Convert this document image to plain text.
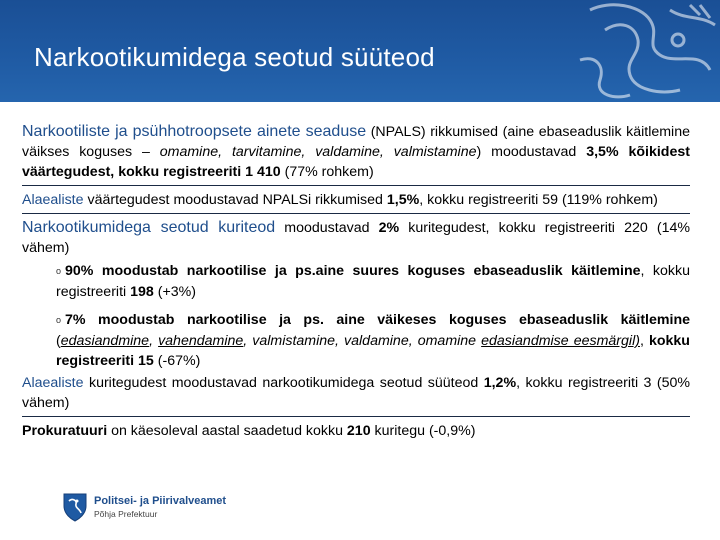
Narkootikumidega seotud süüteod

Narkootiliste ja psühhotroopsete ainete seaduse (NPALS) rikkumised (aine ebaseaduslik käitlemine väikses koguses – omamine, tarvitamine, valdamine, valmistamine) moodustavad 3,5% kõikidest väärtegudest, kokku registreeriti 1 410 (77% rohkem)

Alaealiste väärtegudest moodustavad NPALSi rikkumised 1,5%, kokku registreeriti 59 (119% rohkem)

Narkootikumidega seotud kuriteod moodustavad 2% kuritegudest, kokku registreeriti 220 (14% vähem)

o 90% moodustab narkootilise ja ps.aine suures koguses ebaseaduslik käitlemine, kokku registreeriti 198 (+3%)

o 7% moodustab narkootilise ja ps. aine väikeses koguses ebaseaduslik käitlemine (edasiandmine, vahendamine, valmistamine, valdamine, omamine edasiandmise eesmärgil), kokku registreeriti 15 (-67%)

Alaealiste kuritegudest moodustavad narkootikumidega seotud süüteod 1,2%, kokku registreeriti 3 (50% vähem)

Prokuratuuri on käesoleval aastal saadetud kokku 210 kuritegu (-0,9%)

Politsei- ja Piirivalveamet
Põhja Prefektuur
